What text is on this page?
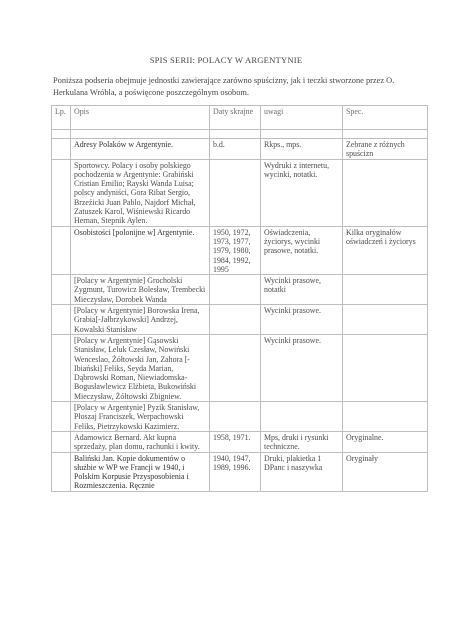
SPIS SERII: POLACY W ARGENTYNIE
Poniższa podseria obejmuje jednostki zawierające zarówno spuścizny, jak i teczki stworzone przez O. Herkulana Wróbla, a poświęcone poszczególnym osobom.
Lp.	Opis	Daty skrajne	uwagi	Spec.

	Adresy Polaków w Argentynie.	b.d.	Rkps., mps.	Zebrane z różnych spuścizn
	Sportowcy. Polacy i osoby polskiego pochodzenia w Argentynie: Grabiński Cristian Emilio; Rayski Wanda Luisa; polscy andyniści, Gora Ribat Sergio, Brzeźicki Juan Pablo, Najdorf Michał, Zatuszek Karol, Wiśniewski Ricardo Hernan, Stepnik Aylen.		Wydruki z internetu, wycinki, notatki.	
	Osobistości [polonijne w] Argentynie.	1950, 1972, 1973, 1977, 1979, 1980, 1984, 1992, 1995	Oświadczenia, życiorys, wycinki prasowe, notatki.	Kilka oryginałów oświadczeń i życiorys
	[Polacy w Argentynie] Grocholski Zygmunt, Turowicz Bolesław, Trembecki Mieczysław, Dorobek Wanda		Wycinki prasowe, notatki	
	[Polacy w Argentynie] Borowska Irena, Grabia[-Jałbrzykowski] Andrzej, Kowalski Stanisław		Wycinki prasowe.	
	[Polacy w Argentynie] Gąsowski Stanisław, Leluk Czesław, Nowiński Wenceslao, Żółtowski Jan, Zahora [-Ibiański] Feliks, Seyda Marian, Dąbrowski Roman, Niewiadomska-Bogusławlewicz Elżbieta, Bukowiński Mieczysław, Żółtowski Zbigniew.		Wycinki prasowe.	
	[Polacy w Argentynie] Pyzik Stanisław, Płoszaj Franciszek, Werpachowski Feliks, Pietrzykowski Kazimierz.			
	Adamowicz Bernard. Akt kupna sprzedaży, plan domu, rachunki i kwity.	1958, 1971.	Mps, druki i rysunki techniczne.	Oryginalne.
	Baliński Jan. Kopie dokumentów o służbie w WP we Francji w 1940, i Polskim Korpusie Przysposobienia i Rozmieszczenia. Ręcznie	1940, 1947, 1989, 1996.	Druki, plakietka 1 DPanc i naszywka	Oryginały
